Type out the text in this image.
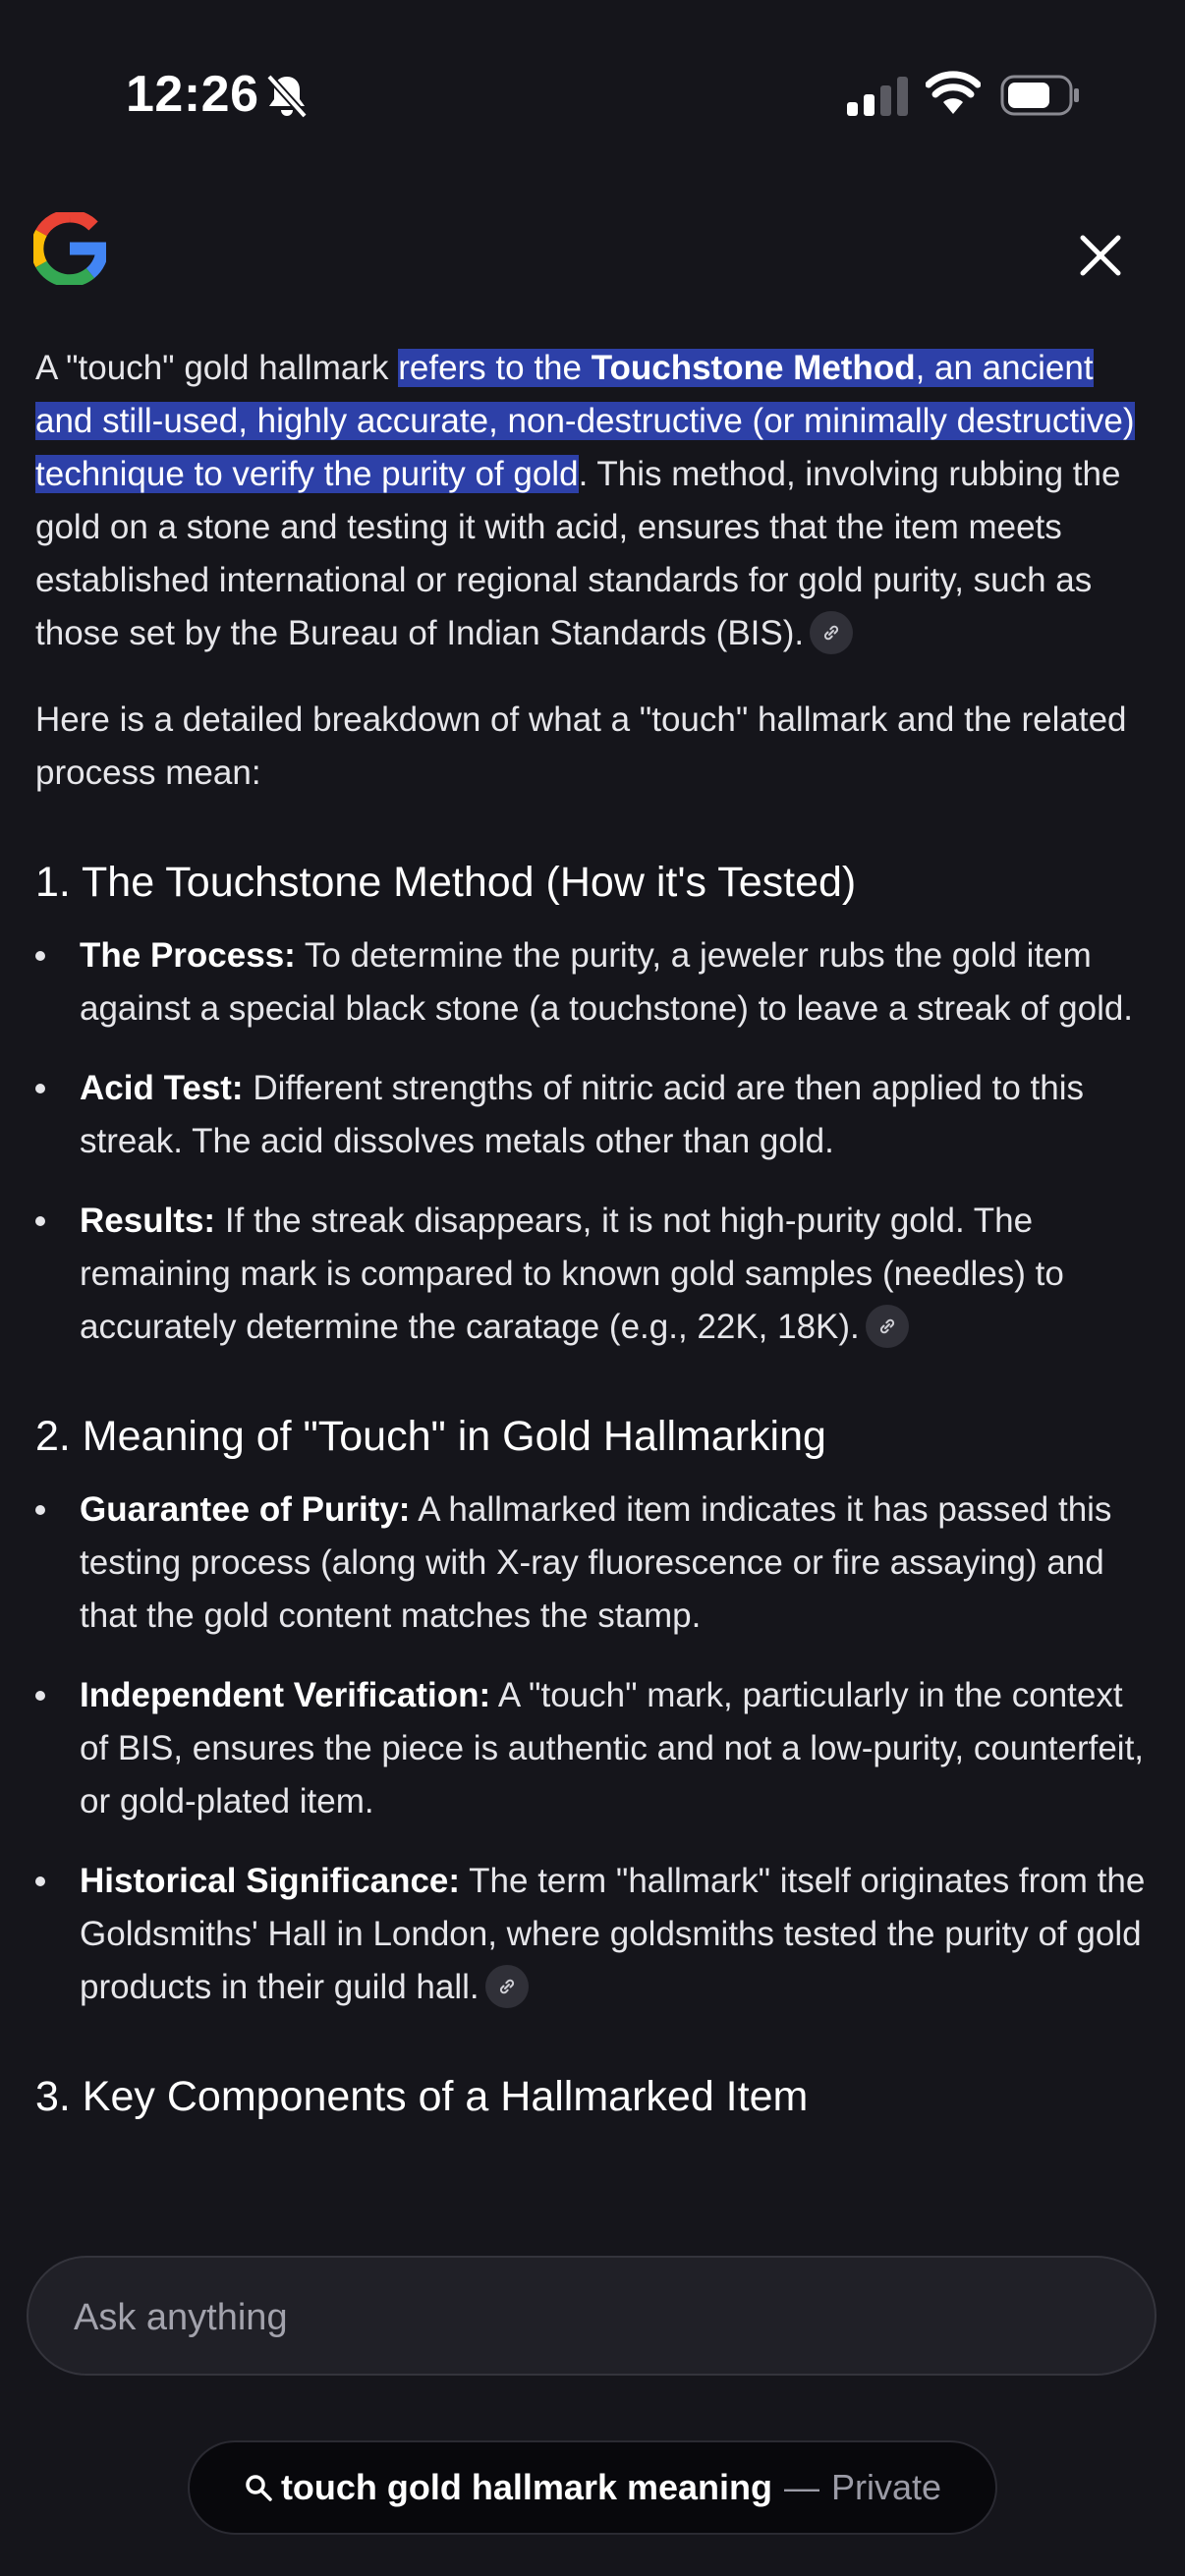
12:26

A "touch" gold hallmark refers to the Touchstone Method, an ancient and still-used, highly accurate, non-destructive (or minimally destructive) technique to verify the purity of gold. This method, involving rubbing the gold on a stone and testing it with acid, ensures that the item meets established international or regional standards for gold purity, such as those set by the Bureau of Indian Standards (BIS).

Here is a detailed breakdown of what a "touch" hallmark and the related process mean:

1. The Touchstone Method (How it's Tested)
The Process: To determine the purity, a jeweler rubs the gold item against a special black stone (a touchstone) to leave a streak of gold.
Acid Test: Different strengths of nitric acid are then applied to this streak. The acid dissolves metals other than gold.
Results: If the streak disappears, it is not high-purity gold. The remaining mark is compared to known gold samples (needles) to accurately determine the caratage (e.g., 22K, 18K).
2. Meaning of "Touch" in Gold Hallmarking
Guarantee of Purity: A hallmarked item indicates it has passed this testing process (along with X-ray fluorescence or fire assaying) and that the gold content matches the stamp.
Independent Verification: A "touch" mark, particularly in the context of BIS, ensures the piece is authentic and not a low-purity, counterfeit, or gold-plated item.
Historical Significance: The term "hallmark" itself originates from the Goldsmiths' Hall in London, where goldsmiths tested the purity of gold products in their guild hall.
3. Key Components of a Hallmarked Item
Ask anything
touch gold hallmark meaning — Private
